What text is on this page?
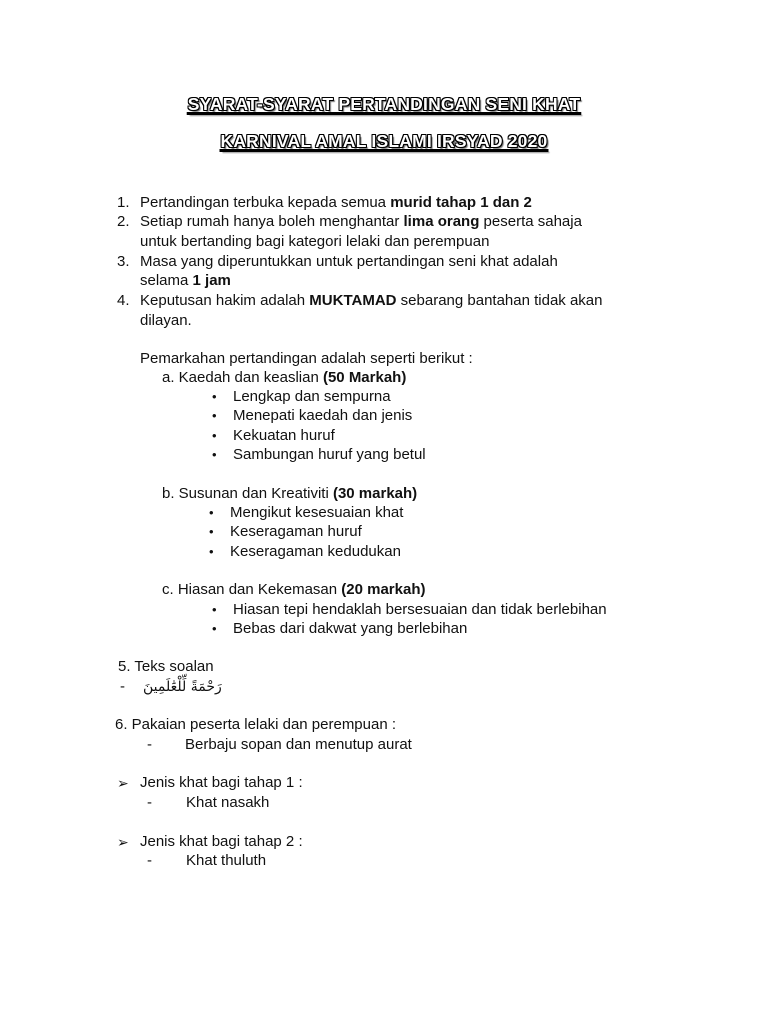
SYARAT-SYARAT PERTANDINGAN SENI KHAT
KARNIVAL AMAL ISLAMI IRSYAD 2020
1. Pertandingan terbuka kepada semua murid tahap 1 dan 2
2. Setiap rumah hanya boleh menghantar lima orang peserta sahaja
untuk bertanding bagi kategori lelaki dan perempuan
3. Masa yang diperuntukkan untuk pertandingan seni khat adalah
selama 1 jam
4. Keputusan hakim adalah MUKTAMAD sebarang bantahan tidak akan
dilayan.
Pemarkahan pertandingan adalah seperti berikut :
a. Kaedah dan keaslian (50 Markah)
• Lengkap dan sempurna
• Menepati kaedah dan jenis
• Kekuatan huruf
• Sambungan huruf yang betul
b. Susunan dan Kreativiti (30 markah)
• Mengikut kesesuaian khat
• Keseragaman huruf
• Keseragaman kedudukan
c. Hiasan dan Kekemasan (20 markah)
• Hiasan tepi hendaklah bersesuaian dan tidak berlebihan
• Bebas dari dakwat yang berlebihan
5. Teks soalan
- رَحْمَةً لِّلْعَٰلَمِينَ
6. Pakaian peserta lelaki dan perempuan :
- Berbaju sopan dan menutup aurat
➢ Jenis khat bagi tahap 1 :
- Khat nasakh
➢ Jenis khat bagi tahap 2 :
- Khat thuluth
